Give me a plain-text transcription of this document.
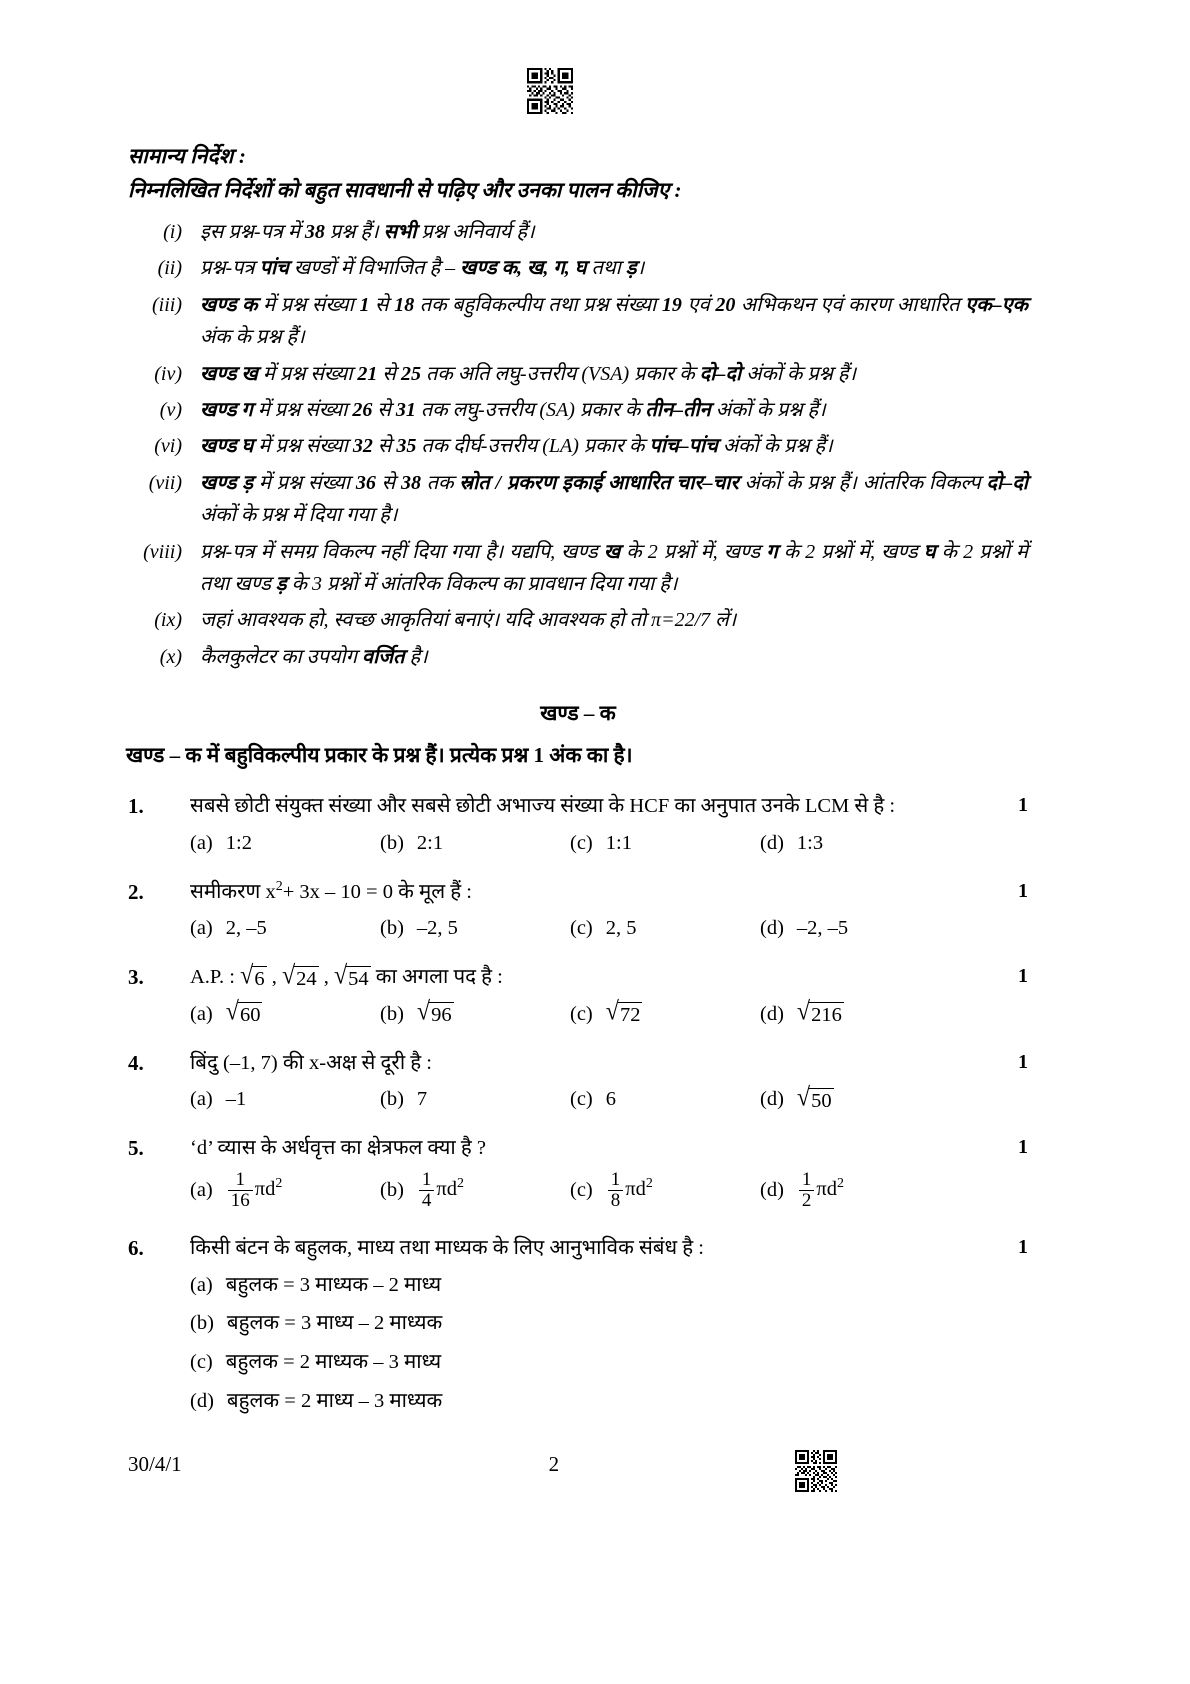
सामान्य निर्देश :
निम्नलिखित निर्देशों को बहुत सावधानी से पढ़िए और उनका पालन कीजिए :
(i) इस प्रश्न-पत्र में 38 प्रश्न हैं। सभी प्रश्न अनिवार्य हैं।
(ii) प्रश्न-पत्र पांच खण्डों में विभाजित है – खण्ड क, ख, ग, घ तथा ड़।
(iii) खण्ड क में प्रश्न संख्या 1 से 18 तक बहुविकल्पीय तथा प्रश्न संख्या 19 एवं 20 अभिकथन एवं कारण आधारित एक–एक अंक के प्रश्न हैं।
(iv) खण्ड ख में प्रश्न संख्या 21 से 25 तक अति लघु-उत्तरीय (VSA) प्रकार के दो–दो अंकों के प्रश्न हैं।
(v) खण्ड ग में प्रश्न संख्या 26 से 31 तक लघु-उत्तरीय (SA) प्रकार के तीन–तीन अंकों के प्रश्न हैं।
(vi) खण्ड घ में प्रश्न संख्या 32 से 35 तक दीर्घ-उत्तरीय (LA) प्रकार के पांच–पांच अंकों के प्रश्न हैं।
(vii) खण्ड ड़ में प्रश्न संख्या 36 से 38 तक स्रोत / प्रकरण इकाई आधारित चार–चार अंकों के प्रश्न हैं। आंतरिक विकल्प दो–दो अंकों के प्रश्न में दिया गया है।
(viii) प्रश्न-पत्र में समग्र विकल्प नहीं दिया गया है। यद्यपि, खण्ड ख के 2 प्रश्नों में, खण्ड ग के 2 प्रश्नों में, खण्ड घ के 2 प्रश्नों में तथा खण्ड ड़ के 3 प्रश्नों में आंतरिक विकल्प का प्रावधान दिया गया है।
(ix) जहां आवश्यक हो, स्वच्छ आकृतियां बनाएं। यदि आवश्यक हो तो π=22/7 लें।
(x) कैलकुलेटर का उपयोग वर्जित है।
खण्ड – क
खण्ड – क में बहुविकल्पीय प्रकार के प्रश्न हैं। प्रत्येक प्रश्न 1 अंक का है।
1.	सबसे छोटी संयुक्त संख्या और सबसे छोटी अभाज्य संख्या के HCF का अनुपात उनके LCM से है :
(a) 1:2	(b) 2:1	(c) 1:1	(d) 1:3
1
2.	समीकरण $x^2+ 3x - 10 = 0$ के मूल हैं :
(a) 2, –5	(b) –2, 5	(c) 2, 5	(d) –2, –5
1
3.	A.P. : √ 6 , √ 24 , √ 54 का अगला पद है :
(a) √ 60	(b) √ 96	(c) √ 72	(d) √ 216
1
4.	बिंदु (–1, 7) की x-अक्ष से दूरी है :
(a) –1	(b) 7	(c) 6	(d) √ 50
1
5.	‘d’ व्यास के अर्धवृत्त का क्षेत्रफल क्या है ?
$(a) \frac{1}{16} \pi d^2$	$(b) \frac{1}{4} \pi d^2$	$(c) \frac{1}{8} \pi d^2$	$(d) \frac{1}{2} \pi d^2$
1
6.	किसी बंटन के बहुलक, माध्य तथा माध्यक के लिए आनुभाविक संबंध है :
(a) बहुलक = 3 माध्यक – 2 माध्य
(b) बहुलक = 3 माध्य – 2 माध्यक
(c) बहुलक = 2 माध्यक – 3 माध्य
(d) बहुलक = 2 माध्य – 3 माध्यक
1
30/4/1	2
